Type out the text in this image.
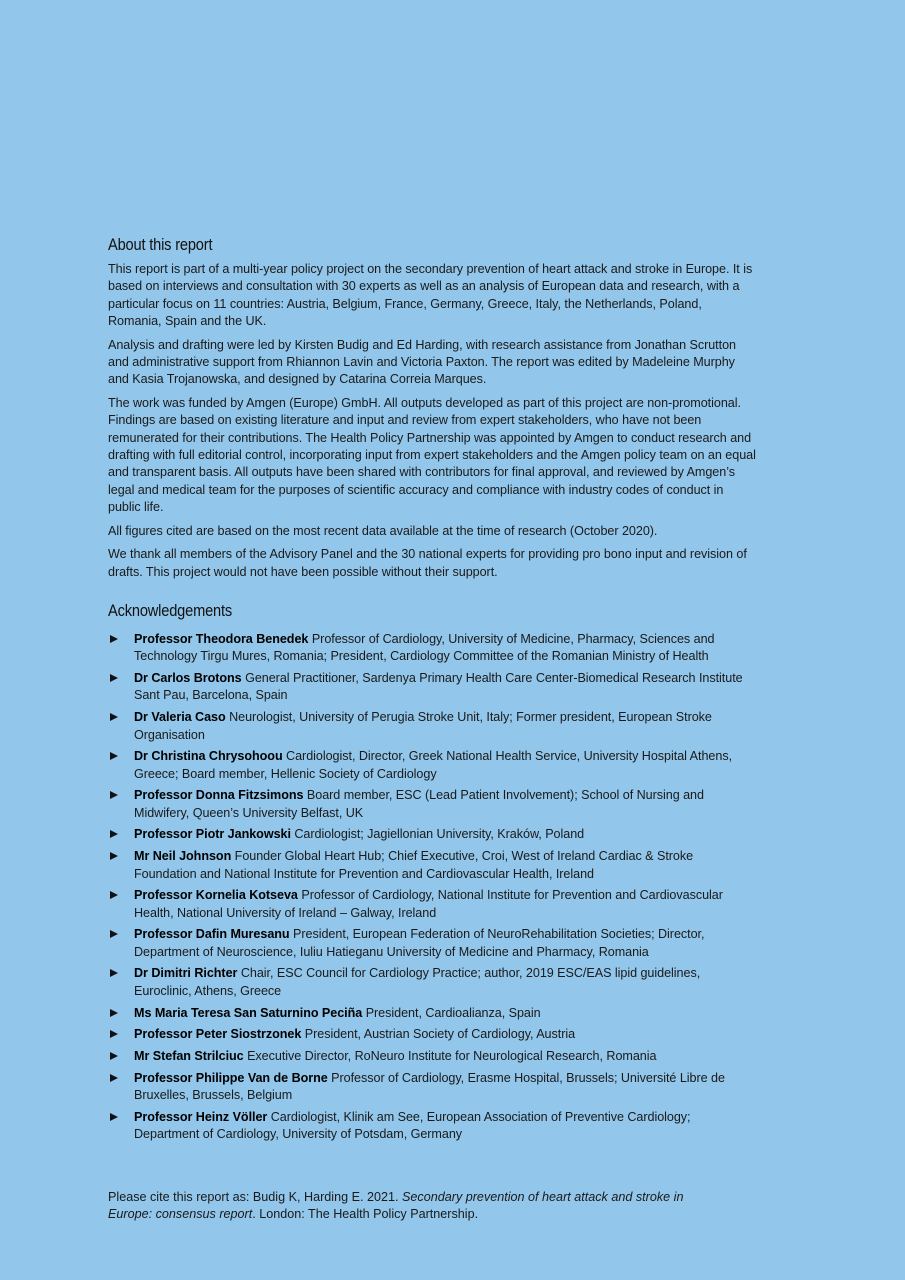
About this report

This report is part of a multi-year policy project on the secondary prevention of heart attack and stroke in Europe. It is based on interviews and consultation with 30 experts as well as an analysis of European data and research, with a particular focus on 11 countries: Austria, Belgium, France, Germany, Greece, Italy, the Netherlands, Poland, Romania, Spain and the UK.

Analysis and drafting were led by Kirsten Budig and Ed Harding, with research assistance from Jonathan Scrutton and administrative support from Rhiannon Lavin and Victoria Paxton. The report was edited by Madeleine Murphy and Kasia Trojanowska, and designed by Catarina Correia Marques.

The work was funded by Amgen (Europe) GmbH. All outputs developed as part of this project are non-promotional. Findings are based on existing literature and input and review from expert stakeholders, who have not been remunerated for their contributions. The Health Policy Partnership was appointed by Amgen to conduct research and drafting with full editorial control, incorporating input from expert stakeholders and the Amgen policy team on an equal and transparent basis. All outputs have been shared with contributors for final approval, and reviewed by Amgen’s legal and medical team for the purposes of scientific accuracy and compliance with industry codes of conduct in public life.

All figures cited are based on the most recent data available at the time of research (October 2020).

We thank all members of the Advisory Panel and the 30 national experts for providing pro bono input and revision of drafts. This project would not have been possible without their support.

Acknowledgements
Professor Theodora Benedek Professor of Cardiology, University of Medicine, Pharmacy, Sciences and Technology Tirgu Mures, Romania; President, Cardiology Committee of the Romanian Ministry of Health
Dr Carlos Brotons General Practitioner, Sardenya Primary Health Care Center-Biomedical Research Institute Sant Pau, Barcelona, Spain
Dr Valeria Caso Neurologist, University of Perugia Stroke Unit, Italy; Former president, European Stroke Organisation
Dr Christina Chrysohoou Cardiologist, Director, Greek National Health Service, University Hospital Athens, Greece; Board member, Hellenic Society of Cardiology
Professor Donna Fitzsimons Board member, ESC (Lead Patient Involvement); School of Nursing and Midwifery, Queen’s University Belfast, UK
Professor Piotr Jankowski Cardiologist; Jagiellonian University, Kraków, Poland
Mr Neil Johnson Founder Global Heart Hub; Chief Executive, Croi, West of Ireland Cardiac & Stroke Foundation and National Institute for Prevention and Cardiovascular Health, Ireland
Professor Kornelia Kotseva Professor of Cardiology, National Institute for Prevention and Cardiovascular Health, National University of Ireland – Galway, Ireland
Professor Dafin Muresanu President, European Federation of NeuroRehabilitation Societies; Director, Department of Neuroscience, Iuliu Hatieganu University of Medicine and Pharmacy, Romania
Dr Dimitri Richter Chair, ESC Council for Cardiology Practice; author, 2019 ESC/EAS lipid guidelines, Euroclinic, Athens, Greece
Ms Maria Teresa San Saturnino Peciña President, Cardioalianza, Spain
Professor Peter Siostrzonek President, Austrian Society of Cardiology, Austria
Mr Stefan Strilciuc Executive Director, RoNeuro Institute for Neurological Research, Romania
Professor Philippe Van de Borne Professor of Cardiology, Erasme Hospital, Brussels; Université Libre de Bruxelles, Brussels, Belgium
Professor Heinz Völler Cardiologist, Klinik am See, European Association of Preventive Cardiology; Department of Cardiology, University of Potsdam, Germany

Please cite this report as: Budig K, Harding E. 2021. Secondary prevention of heart attack and stroke in Europe: consensus report. London: The Health Policy Partnership.
